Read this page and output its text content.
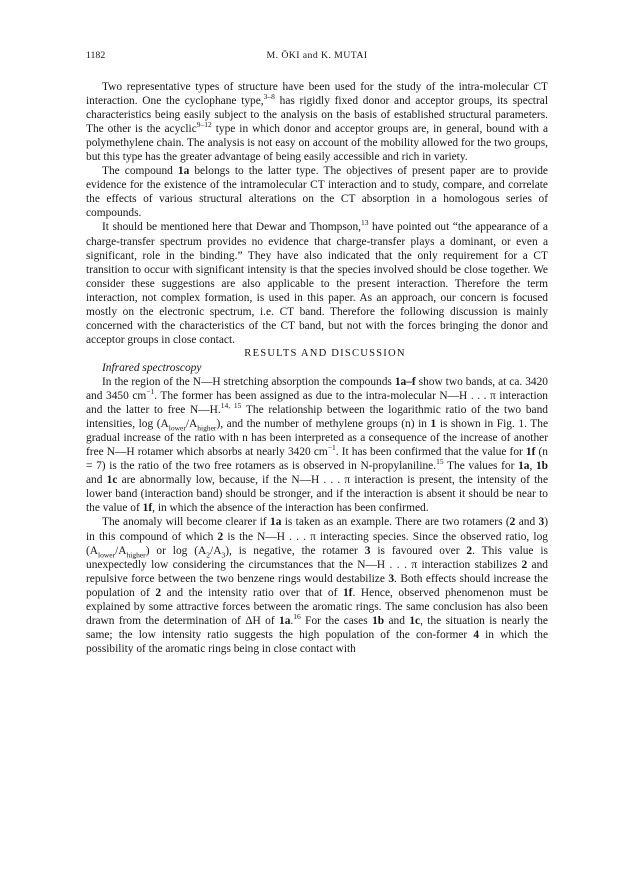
1182	M. ŌKI and K. MUTAI

Two representative types of structure have been used for the study of the intra-molecular CT interaction. One the cyclophane type,$^{3-8}$ has rigidly fixed donor and acceptor groups, its spectral characteristics being easily subject to the analysis on the basis of established structural parameters. The other is the acyclic$^{9-12}$ type in which donor and acceptor groups are, in general, bound with a polymethylene chain. The analysis is not easy on account of the mobility allowed for the two groups, but this type has the greater advantage of being easily accessible and rich in variety.

The compound 1a belongs to the latter type. The objectives of present paper are to provide evidence for the existence of the intramolecular CT interaction and to study, compare, and correlate the effects of various structural alterations on the CT absorption in a homologous series of compounds.

It should be mentioned here that Dewar and Thompson,$^{13}$ have pointed out “the appearance of a charge-transfer spectrum provides no evidence that charge-transfer plays a dominant, or even a significant, role in the binding.” They have also indicated that the only requirement for a CT transition to occur with significant intensity is that the species involved should be close together. We consider these suggestions are also applicable to the present interaction. Therefore the term interaction, not complex formation, is used in this paper. As an approach, our concern is focused mostly on the electronic spectrum, i.e. CT band. Therefore the following discussion is mainly concerned with the characteristics of the CT band, but not with the forces bringing the donor and acceptor groups in close contact.

RESULTS AND DISCUSSION

Infrared spectroscopy

In the region of the N—H stretching absorption the compounds 1a–f show two bands, at ca. 3420 and 3450 $cm^{-1}$. The former has been assigned as due to the intra-molecular N—H . . . π interaction and the latter to free N—H.$^{14, 15}$ The relationship between the logarithmic ratio of the two band intensities, $\log (A_{lower}/A_{higher})$, and the number of methylene groups (n) in 1 is shown in Fig. 1. The gradual increase of the ratio with n has been interpreted as a consequence of the increase of another free N—H rotamer which absorbs at nearly 3420 $cm^{-1}$. It has been confirmed that the value for 1f (n = 7) is the ratio of the two free rotamers as is observed in N-propylaniline.$^{15}$ The values for 1a, 1b and 1c are abnormally low, because, if the N—H . . . π interaction is present, the intensity of the lower band (interaction band) should be stronger, and if the interaction is absent it should be near to the value of 1f, in which the absence of the interaction has been confirmed.

The anomaly will become clearer if 1a is taken as an example. There are two rotamers (2 and 3) in this compound of which 2 is the N—H . . . π interacting species. Since the observed ratio, $\log (A_{lower}/A_{higher})$ or $\log (A_2/A_3)$, is negative, the rotamer 3 is favoured over 2. This value is unexpectedly low considering the circumstances that the N—H . . . π interaction stabilizes 2 and repulsive force between the two benzene rings would destabilize 3. Both effects should increase the population of 2 and the intensity ratio over that of 1f. Hence, observed phenomenon must be explained by some attractive forces between the aromatic rings. The same conclusion has also been drawn from the determination of ΔH of 1a.$^{16}$ For the cases 1b and 1c, the situation is nearly the same; the low intensity ratio suggests the high population of the con-former 4 in which the possibility of the aromatic rings being in close contact with
